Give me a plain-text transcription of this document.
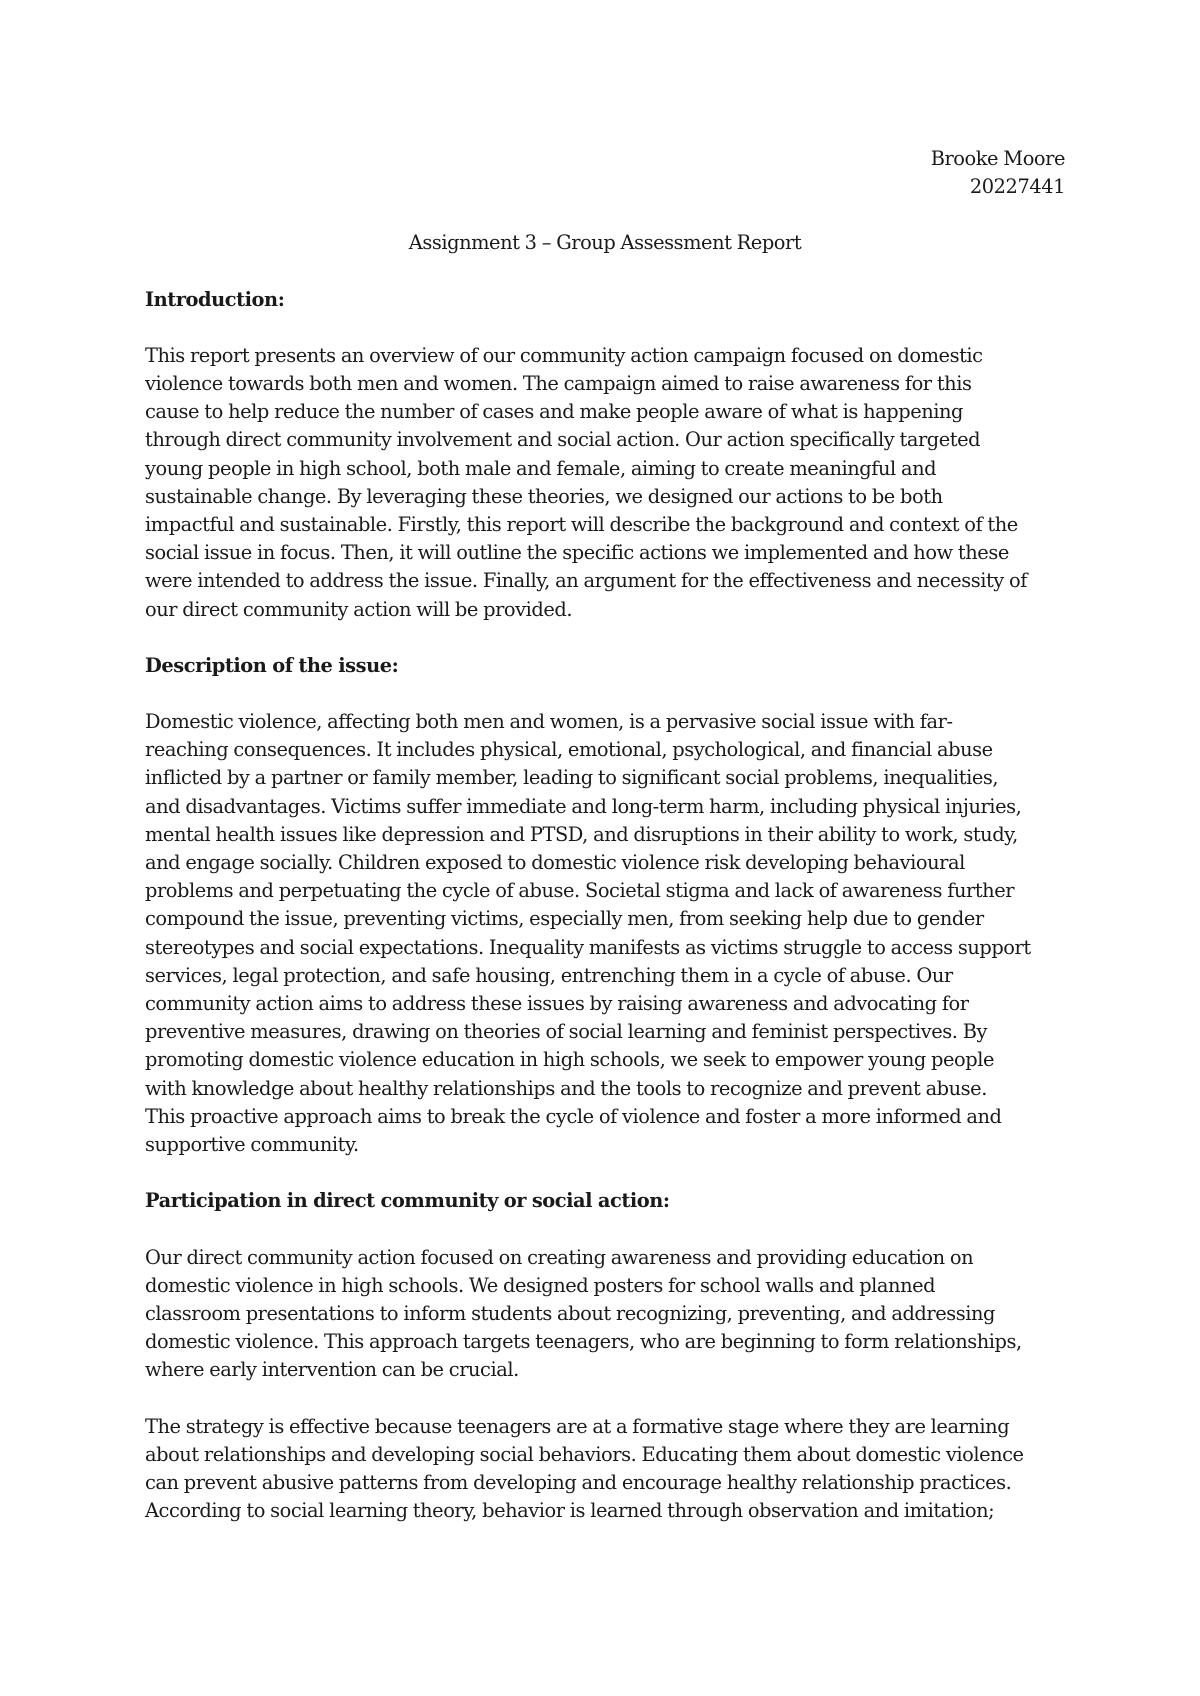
Brooke Moore
20227441
Assignment 3 – Group Assessment Report
Introduction:
This report presents an overview of our community action campaign focused on domestic
violence towards both men and women. The campaign aimed to raise awareness for this
cause to help reduce the number of cases and make people aware of what is happening
through direct community involvement and social action. Our action specifically targeted
young people in high school, both male and female, aiming to create meaningful and
sustainable change. By leveraging these theories, we designed our actions to be both
impactful and sustainable. Firstly, this report will describe the background and context of the
social issue in focus. Then, it will outline the specific actions we implemented and how these
were intended to address the issue. Finally, an argument for the effectiveness and necessity of
our direct community action will be provided.
Description of the issue:
Domestic violence, affecting both men and women, is a pervasive social issue with far-
reaching consequences. It includes physical, emotional, psychological, and financial abuse
inflicted by a partner or family member, leading to significant social problems, inequalities,
and disadvantages. Victims suffer immediate and long-term harm, including physical injuries,
mental health issues like depression and PTSD, and disruptions in their ability to work, study,
and engage socially. Children exposed to domestic violence risk developing behavioural
problems and perpetuating the cycle of abuse. Societal stigma and lack of awareness further
compound the issue, preventing victims, especially men, from seeking help due to gender
stereotypes and social expectations. Inequality manifests as victims struggle to access support
services, legal protection, and safe housing, entrenching them in a cycle of abuse. Our
community action aims to address these issues by raising awareness and advocating for
preventive measures, drawing on theories of social learning and feminist perspectives. By
promoting domestic violence education in high schools, we seek to empower young people
with knowledge about healthy relationships and the tools to recognize and prevent abuse.
This proactive approach aims to break the cycle of violence and foster a more informed and
supportive community.
Participation in direct community or social action:
Our direct community action focused on creating awareness and providing education on
domestic violence in high schools. We designed posters for school walls and planned
classroom presentations to inform students about recognizing, preventing, and addressing
domestic violence. This approach targets teenagers, who are beginning to form relationships,
where early intervention can be crucial.
The strategy is effective because teenagers are at a formative stage where they are learning
about relationships and developing social behaviors. Educating them about domestic violence
can prevent abusive patterns from developing and encourage healthy relationship practices.
According to social learning theory, behavior is learned through observation and imitation;
